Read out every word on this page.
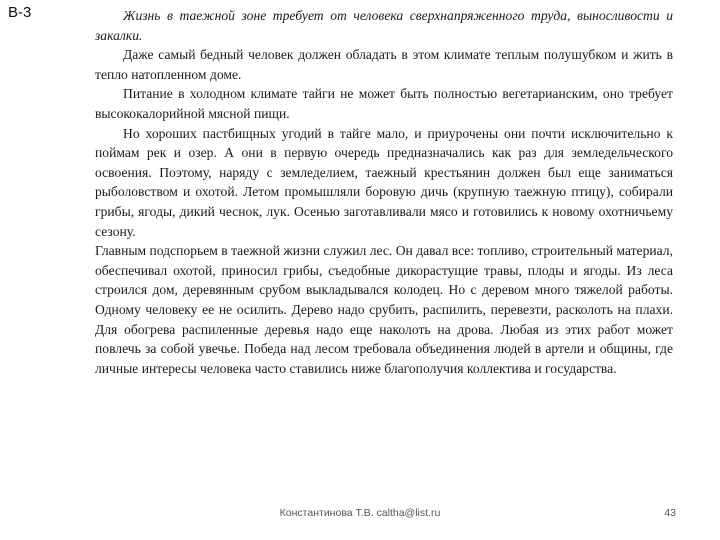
В-3	Жизнь в таежной зоне требует от человека сверхнапряженного труда, выносливости и закалки.

Даже самый бедный человек должен обладать в этом климате теплым полушубком и жить в тепло натопленном доме.

Питание в холодном климате тайги не может быть полностью вегетарианским, оно требует высококалорийной мясной пищи.

Но хороших пастбищных угодий в тайге мало, и приурочены они почти исключительно к поймам рек и озер. А они в первую очередь предназначались как раз для земледельческого освоения. Поэтому, наряду с земледелием, таежный крестьянин должен был еще заниматься рыболовством и охотой. Летом промышляли боровую дичь (крупную таежную птицу), собирали грибы, ягоды, дикий чеснок, лук. Осенью заготавливали мясо и готовились к новому охотничьему сезону.

Главным подспорьем в таежной жизни служил лес. Он давал все: топливо, строительный материал, обеспечивал охотой, приносил грибы, съедобные дикорастущие травы, плоды и ягоды. Из леса строился дом, деревянным срубом выкладывался колодец. Но с деревом много тяжелой работы. Одному человеку ее не осилить. Дерево надо срубить, распилить, перевезти, расколоть на плахи. Для обогрева распиленные деревья надо еще наколоть на дрова. Любая из этих работ может повлечь за собой увечье. Победа над лесом требовала объединения людей в артели и общины, где личные интересы человека часто ставились ниже благополучия коллектива и государства.

Константинова Т.В. caltha@list.ru	43
